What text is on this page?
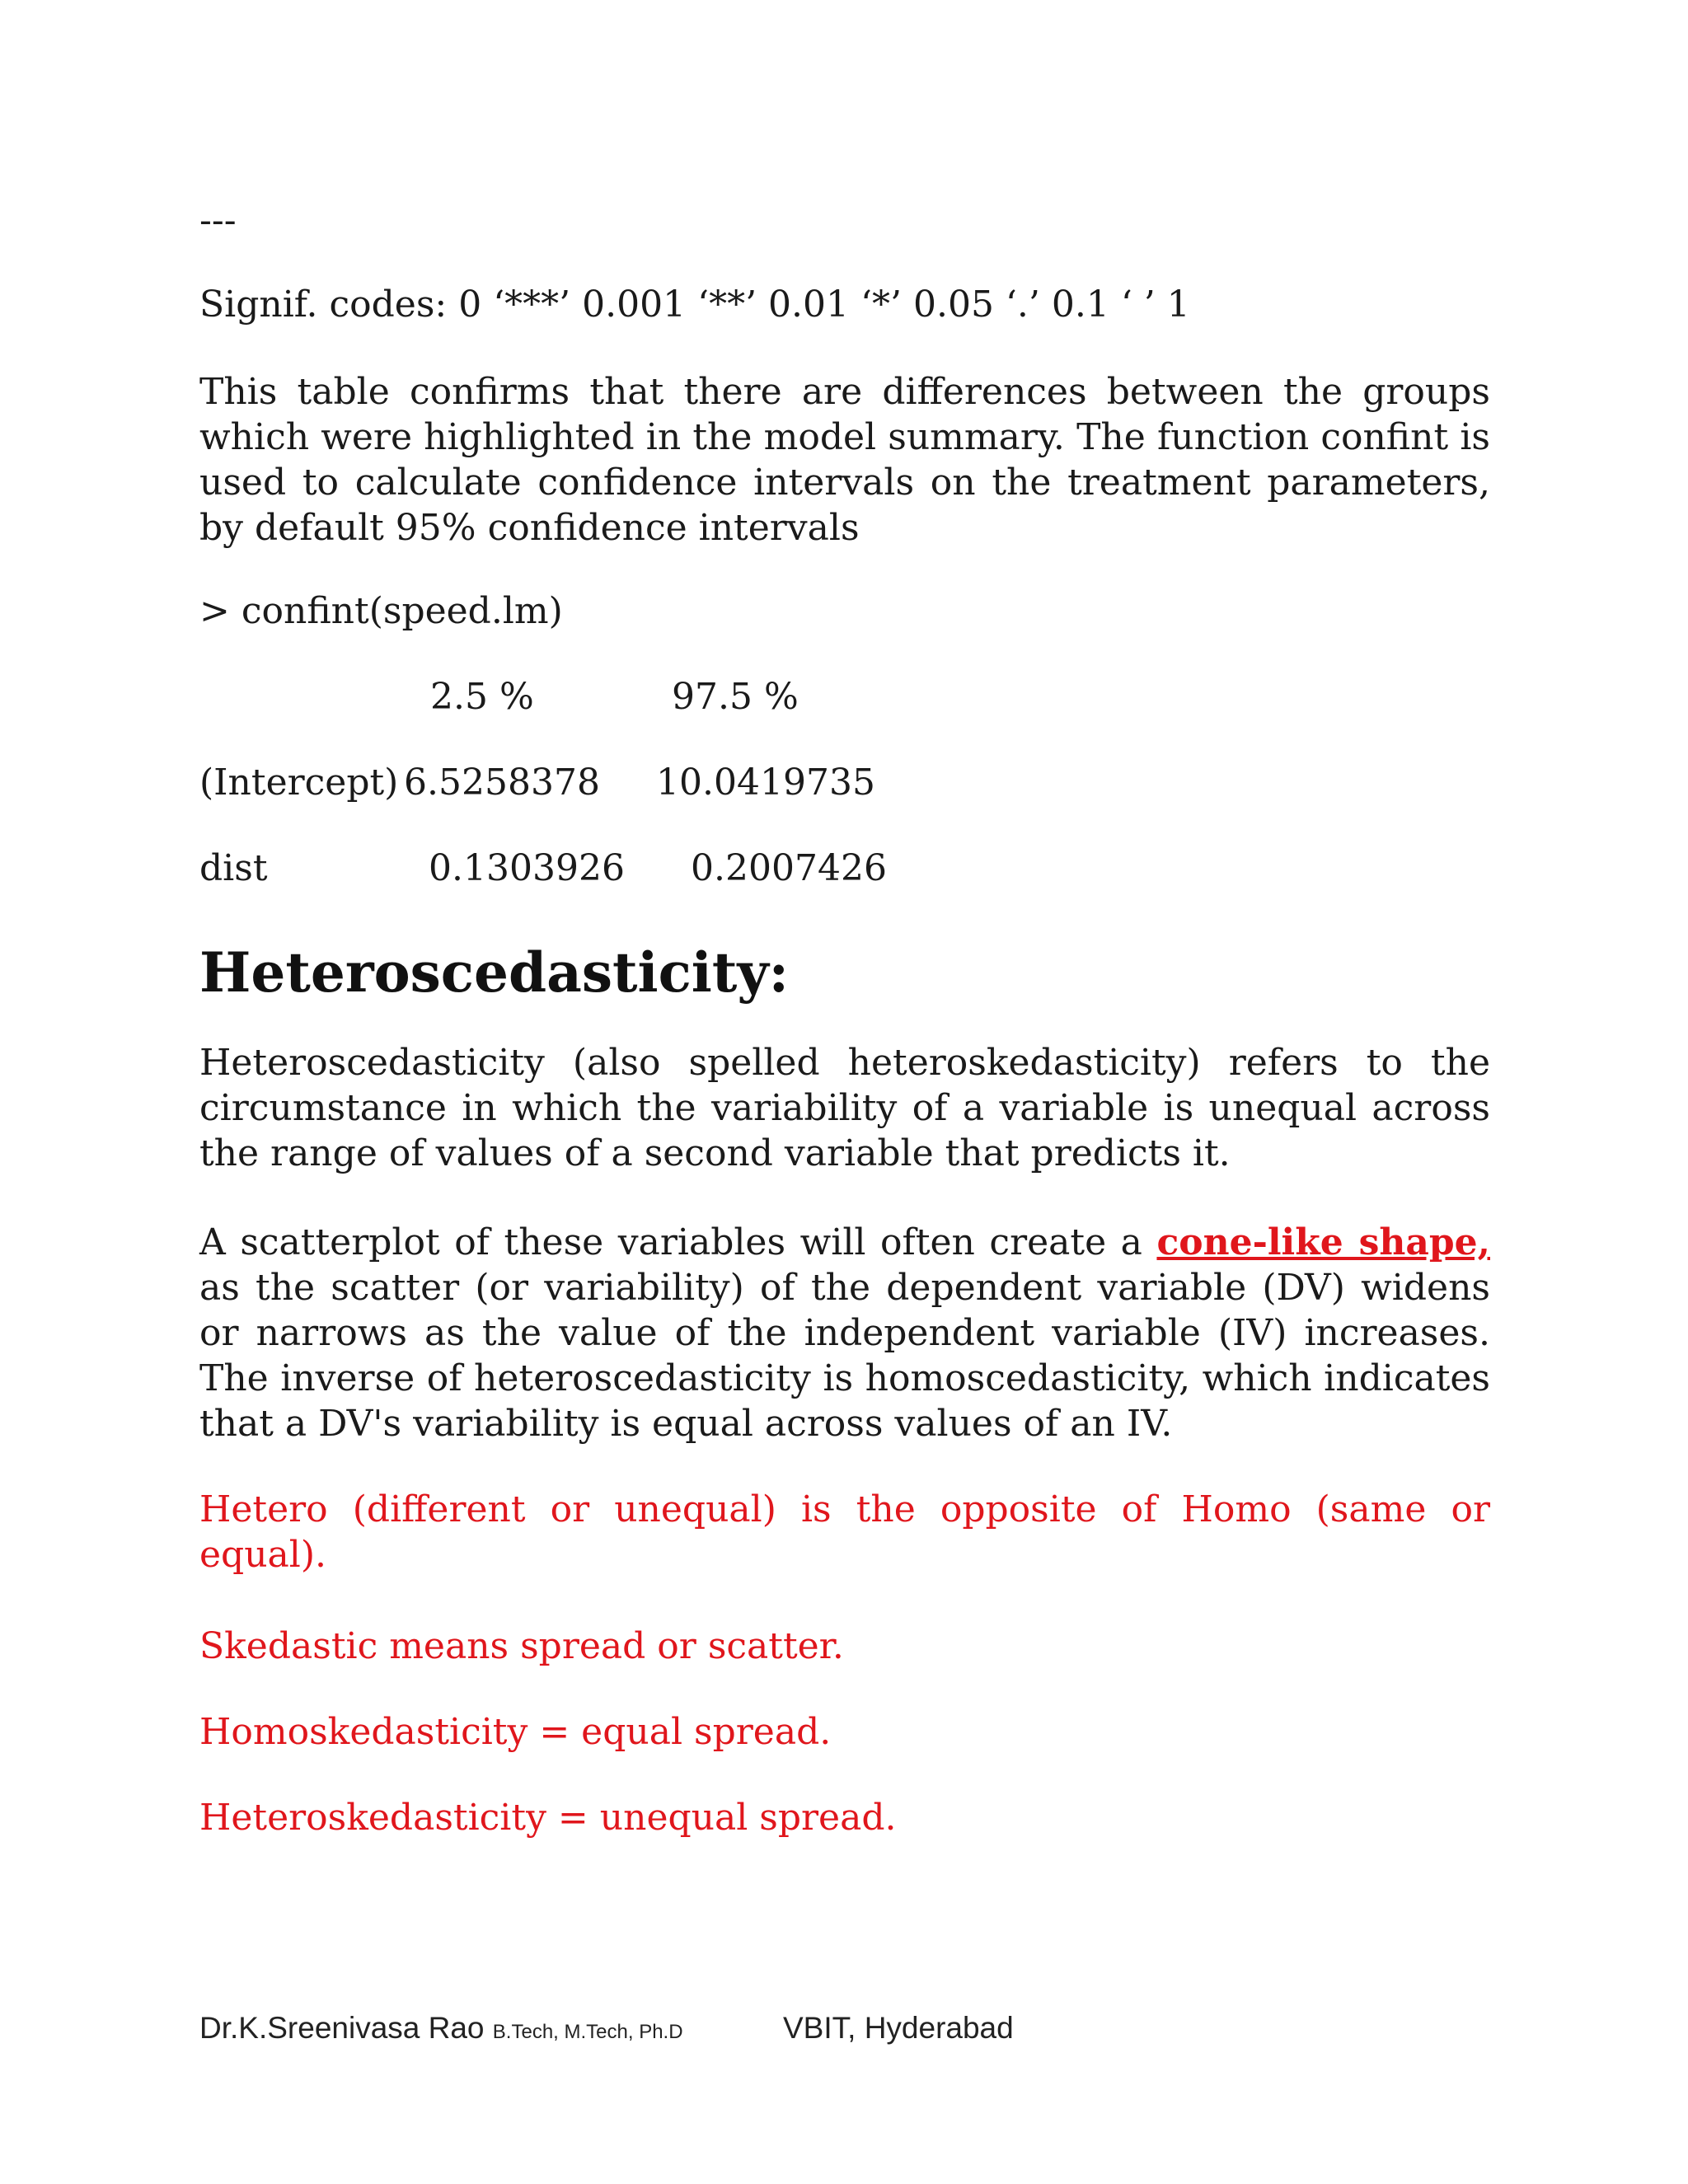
---
Signif. codes: 0 ‘***’ 0.001 ‘**’ 0.01 ‘*’ 0.05 ‘.’ 0.1 ‘ ’ 1
This table confirms that there are differences between the groups which were highlighted in the model summary. The function confint is used to calculate confidence intervals on the treatment parameters, by default 95% confidence intervals
> confint(speed.lm)
2.5 %	97.5 %
(Intercept) 6.5258378 10.0419735
dist	0.1303926 0.2007426
Heteroscedasticity:
Heteroscedasticity (also spelled heteroskedasticity) refers to the circumstance in which the variability of a variable is unequal across the range of values of a second variable that predicts it.
A scatterplot of these variables will often create a cone-like shape, as the scatter (or variability) of the dependent variable (DV) widens or narrows as the value of the independent variable (IV) increases. The inverse of heteroscedasticity is homoscedasticity, which indicates that a DV's variability is equal across values of an IV.
Hetero (different or unequal) is the opposite of Homo (same or equal).
Skedastic means spread or scatter.
Homoskedasticity = equal spread.
Heteroskedasticity = unequal spread.
Dr.K.Sreenivasa Rao B.Tech, M.Tech, Ph.D	VBIT, Hyderabad
